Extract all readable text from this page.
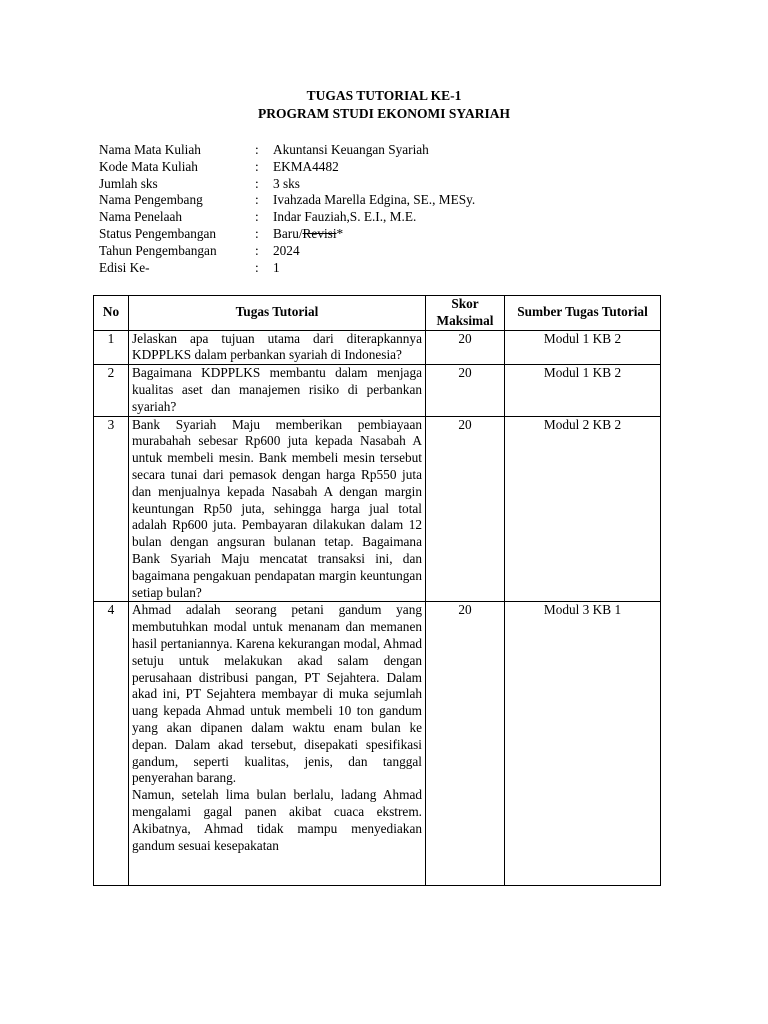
TUGAS TUTORIAL KE-1
PROGRAM STUDI EKONOMI SYARIAH
Nama Mata Kuliah	:	Akuntansi Keuangan Syariah
Kode Mata Kuliah	:	EKMA4482
Jumlah sks	:	3 sks
Nama Pengembang	:	Ivahzada Marella Edgina, SE., MESy.
Nama Penelaah	:	Indar Fauziah,S. E.I., M.E.
Status Pengembangan	:	Baru/Revisi*
Tahun Pengembangan	:	2024
Edisi Ke-	:	1
No	Tugas Tutorial	Skor Maksimal	Sumber Tugas Tutorial
1	Jelaskan apa tujuan utama dari diterapkannya KDPPLKS dalam perbankan syariah di Indonesia?	20	Modul 1 KB 2
2	Bagaimana KDPPLKS membantu dalam menjaga kualitas aset dan manajemen risiko di perbankan syariah?	20	Modul 1 KB 2
3	Bank Syariah Maju memberikan pembiayaan murabahah sebesar Rp600 juta kepada Nasabah A untuk membeli mesin. Bank membeli mesin tersebut secara tunai dari pemasok dengan harga Rp550 juta dan menjualnya kepada Nasabah A dengan margin keuntungan Rp50 juta, sehingga harga jual total adalah Rp600 juta. Pembayaran dilakukan dalam 12 bulan dengan angsuran bulanan tetap. Bagaimana Bank Syariah Maju mencatat transaksi ini, dan bagaimana pengakuan pendapatan margin keuntungan setiap bulan?	20	Modul 2 KB 2
4	Ahmad adalah seorang petani gandum yang membutuhkan modal untuk menanam dan memanen hasil pertaniannya. Karena kekurangan modal, Ahmad setuju untuk melakukan akad salam dengan perusahaan distribusi pangan, PT Sejahtera. Dalam akad ini, PT Sejahtera membayar di muka sejumlah uang kepada Ahmad untuk membeli 10 ton gandum yang akan dipanen dalam waktu enam bulan ke depan. Dalam akad tersebut, disepakati spesifikasi gandum, seperti kualitas, jenis, dan tanggal penyerahan barang.

Namun, setelah lima bulan berlalu, ladang Ahmad mengalami gagal panen akibat cuaca ekstrem. Akibatnya, Ahmad tidak mampu menyediakan gandum sesuai kesepakatan	20	Modul 3 KB 1
